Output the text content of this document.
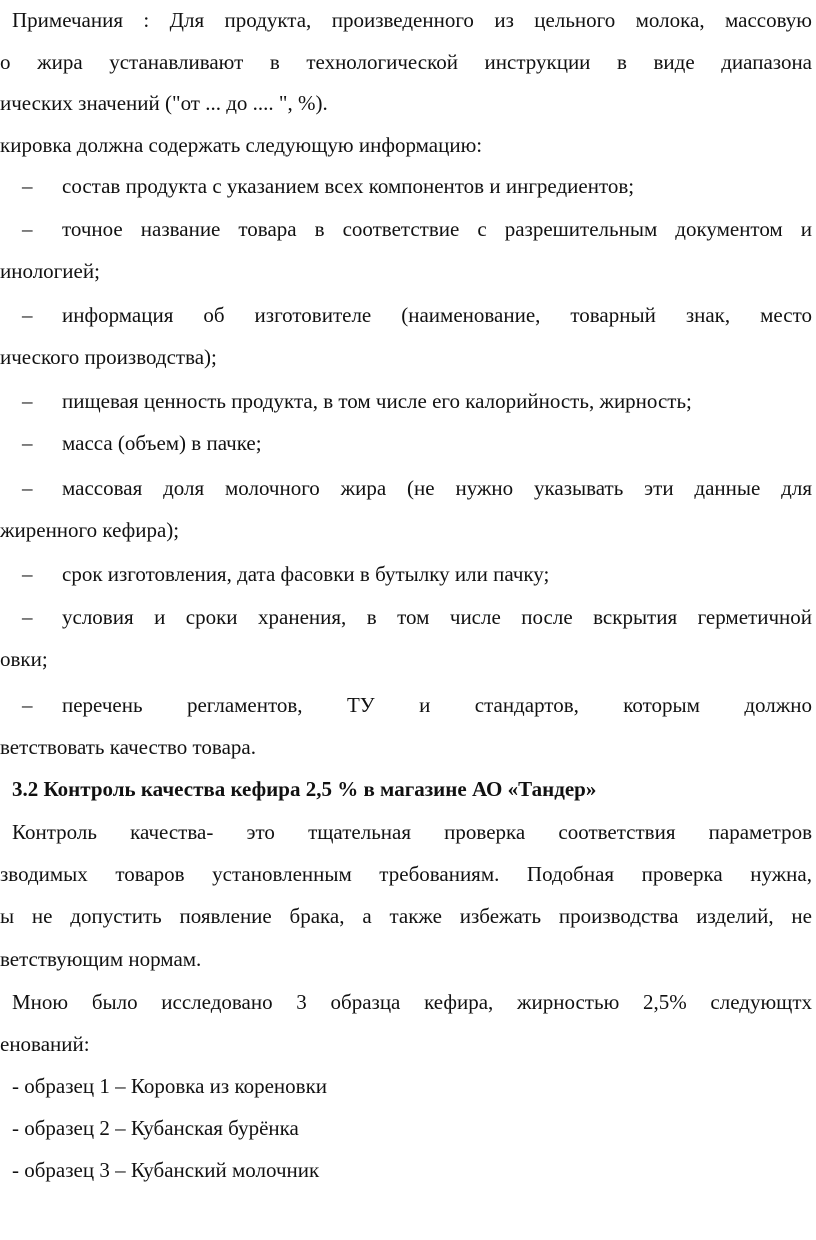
Примечания : Для продукта, произведенного из цельного молока, массовую
о жира устанавливают в технологической инструкции в виде диапазона
ических значений ("от ... до .... ", %).
кировка должна содержать следующую информацию:
– состав продукта с указанием всех компонентов и ингредиентов;
– точное название товара в соответствие с разрешительным документом и
инологией;
– информация об изготовителе (наименование, товарный знак, место
ического производства);
– пищевая ценность продукта, в том числе его калорийность, жирность;
– масса (объем) в пачке;
– массовая доля молочного жира (не нужно указывать эти данные для
жиренного кефира);
– срок изготовления, дата фасовки в бутылку или пачку;
– условия и сроки хранения, в том числе после вскрытия герметичной
овки;
– перечень регламентов, ТУ и стандартов, которым должно
ветствовать качество товара.
3.2 Контроль качества кефира 2,5 % в магазине АО «Тандер»
Контроль качества- это тщательная проверка соответствия параметров
зводимых товаров установленным требованиям. Подобная проверка нужна,
ы не допустить появление брака, а также избежать производства изделий, не
ветствующим нормам.
Мною было исследовано 3 образца кефира, жирностью 2,5% следующтх
енований:
- образец 1 – Коровка из кореновки
- образец 2 – Кубанская бурёнка
- образец 3 – Кубанский молочник
